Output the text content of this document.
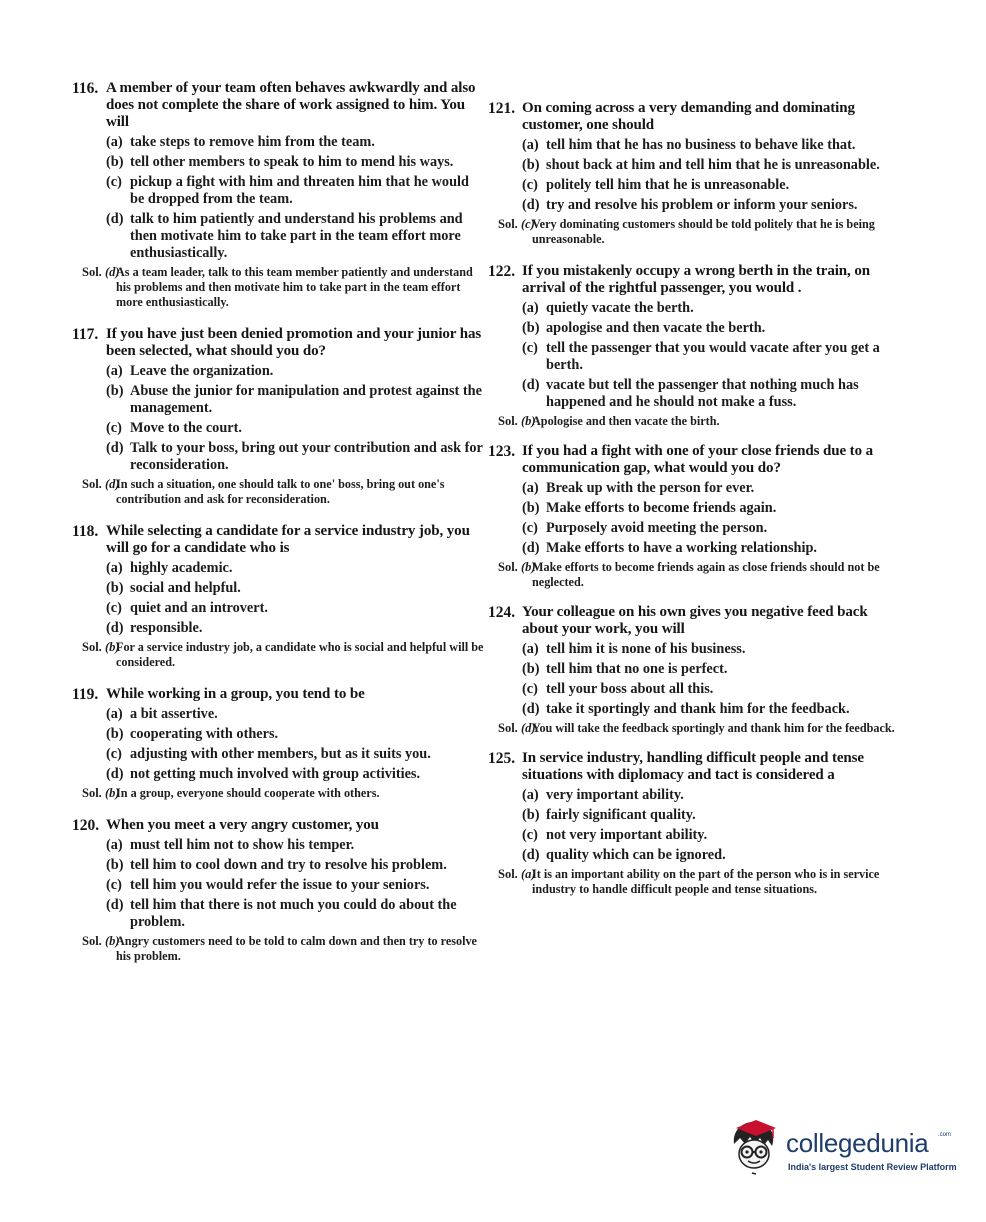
116. A member of your team often behaves awkwardly and also does not complete the share of work assigned to him. You will
(a) take steps to remove him from the team.
(b) tell other members to speak to him to mend his ways.
(c) pickup a fight with him and threaten him that he would be dropped from the team.
(d) talk to him patiently and understand his problems and then motivate him to take part in the team effort more enthusiastically.
Sol. (d)
As a team leader, talk to this team member patiently and understand his problems and then motivate him to take part in the team effort more enthusiastically.
117. If you have just been denied promotion and your junior has been selected, what should you do?
(a) Leave the organization.
(b) Abuse the junior for manipulation and protest against the management.
(c) Move to the court.
(d) Talk to your boss, bring out your contribution and ask for reconsideration.
Sol. (d)
In such a situation, one should talk to one' boss, bring out one's contribution and ask for reconsideration.
118. While selecting a candidate for a service industry job, you will go for a candidate who is
(a) highly academic.
(b) social and helpful.
(c) quiet and an introvert.
(d) responsible.
Sol. (b)
For a service industry job, a candidate who is social and helpful will be considered.
119. While working in a group, you tend to be
(a) a bit assertive.
(b) cooperating with others.
(c) adjusting with other members, but as it suits you.
(d) not getting much involved with group activities.
Sol. (b)
In a group, everyone should cooperate with others.
120. When you meet a very angry customer, you
(a) must tell him not to show his temper.
(b) tell him to cool down and try to resolve his problem.
(c) tell him you would refer the issue to your seniors.
(d) tell him that there is not much you could do about the problem.
Sol. (b)
Angry customers need to be told to calm down and then try to resolve his problem.
121. On coming across a very demanding and dominating customer, one should
(a) tell him that he has no business to behave like that.
(b) shout back at him and tell him that he is unreasonable.
(c) politely tell him that he is unreasonable.
(d) try and resolve his problem or inform your seniors.
Sol. (c)
Very dominating customers should be told politely that he is being unreasonable.
122. If you mistakenly occupy a wrong berth in the train, on arrival of the rightful passenger, you would .
(a) quietly vacate the berth.
(b) apologise and then vacate the berth.
(c) tell the passenger that you would vacate after you get a berth.
(d) vacate but tell the passenger that nothing much has happened and he should not make a fuss.
Sol. (b)
Apologise and then vacate the birth.
123. If you had a fight with one of your close friends due to a communication gap, what would you do?
(a) Break up with the person for ever.
(b) Make efforts to become friends again.
(c) Purposely avoid meeting the person.
(d) Make efforts to have a working relationship.
Sol. (b)
Make efforts to become friends again as close friends should not be neglected.
124. Your colleague on his own gives you negative feed back about your work, you will
(a) tell him it is none of his business.
(b) tell him that no one is perfect.
(c) tell your boss about all this.
(d) take it sportingly and thank him for the feedback.
Sol. (d)
You will take the feedback sportingly and thank him for the feedback.
125. In service industry, handling difficult people and tense situations with diplomacy and tact is considered a
(a) very important ability.
(b) fairly significant quality.
(c) not very important ability.
(d) quality which can be ignored.
Sol. (a)
It is an important ability on the part of the person who is in service industry to handle difficult people and tense situations.
collegedunia .com
India's largest Student Review Platform
